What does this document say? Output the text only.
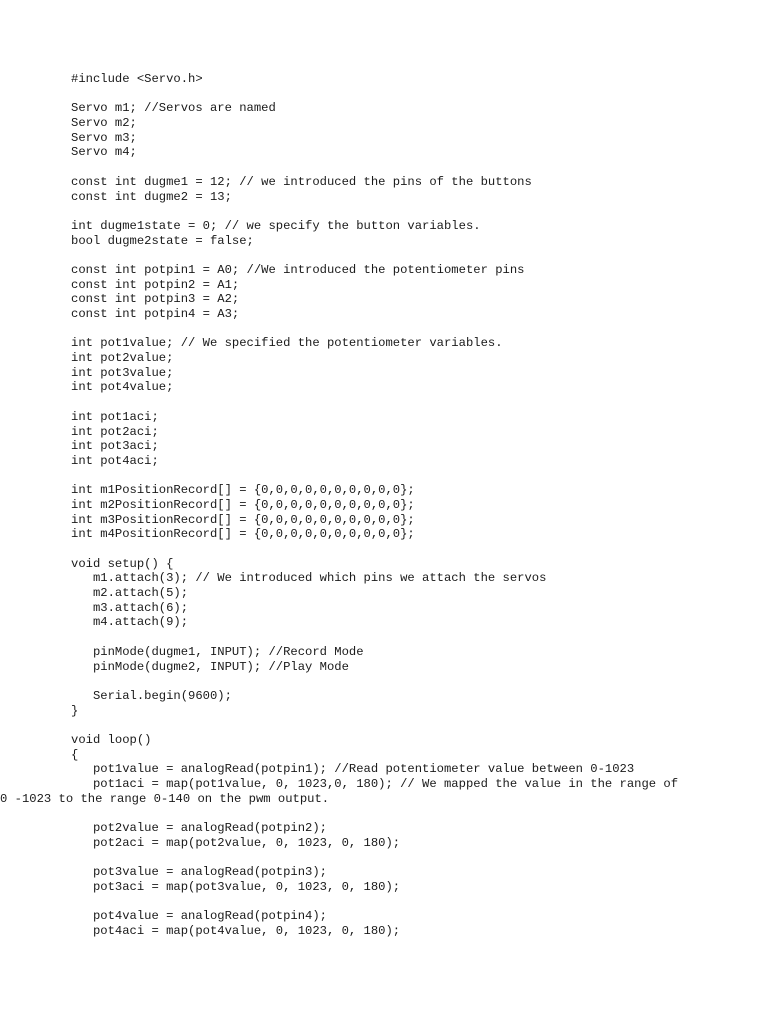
#include <Servo.h>
Servo m1; //Servos are named
Servo m2;
Servo m3;
Servo m4;
const int dugme1 = 12; // we introduced the pins of the buttons
const int dugme2 = 13;
int dugme1state = 0; // we specify the button variables.
bool dugme2state = false;
const int potpin1 = A0; //We introduced the potentiometer pins
const int potpin2 = A1;
const int potpin3 = A2;
const int potpin4 = A3;
int pot1value; // We specified the potentiometer variables.
int pot2value;
int pot3value;
int pot4value;
int pot1aci;
int pot2aci;
int pot3aci;
int pot4aci;
int m1PositionRecord[] = {0,0,0,0,0,0,0,0,0,0};
int m2PositionRecord[] = {0,0,0,0,0,0,0,0,0,0};
int m3PositionRecord[] = {0,0,0,0,0,0,0,0,0,0};
int m4PositionRecord[] = {0,0,0,0,0,0,0,0,0,0};
void setup() {
m1.attach(3); // We introduced which pins we attach the servos
m2.attach(5);
m3.attach(6);
m4.attach(9);
pinMode(dugme1, INPUT); //Record Mode
pinMode(dugme2, INPUT); //Play Mode
Serial.begin(9600);
}
void loop()
{
pot1value = analogRead(potpin1); //Read potentiometer value between 0-1023
pot1aci = map(pot1value, 0, 1023,0, 180); // We mapped the value in the range of
0 -1023 to the range 0-140 on the pwm output.
pot2value = analogRead(potpin2);
pot2aci = map(pot2value, 0, 1023, 0, 180);
pot3value = analogRead(potpin3);
pot3aci = map(pot3value, 0, 1023, 0, 180);
pot4value = analogRead(potpin4);
pot4aci = map(pot4value, 0, 1023, 0, 180);
